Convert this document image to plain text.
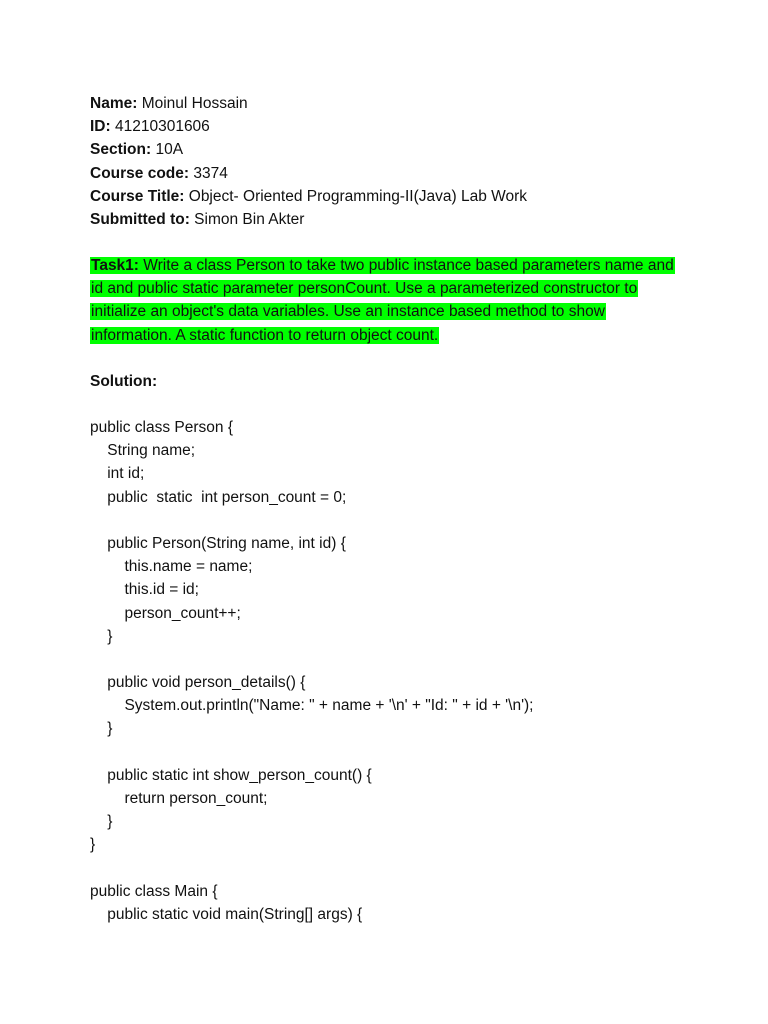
Name: Moinul Hossain
ID: 41210301606
Section: 10A
Course code: 3374
Course Title: Object- Oriented Programming-II(Java) Lab Work
Submitted to: Simon Bin Akter
Task1: Write a class Person to take two public instance based parameters name and id and public static parameter personCount. Use a parameterized constructor to initialize an object's data variables. Use an instance based method to show information. A static function to return object count.
Solution:
public class Person {
String name;
int id;
public  static  int person_count = 0;
public Person(String name, int id) {
this.name = name;
this.id = id;
person_count++;
}
public void person_details() {
System.out.println("Name: " + name + '\n' + "Id: " + id + '\n');
}
public static int show_person_count() {
return person_count;
}
}
public class Main {
public static void main(String[] args) {
